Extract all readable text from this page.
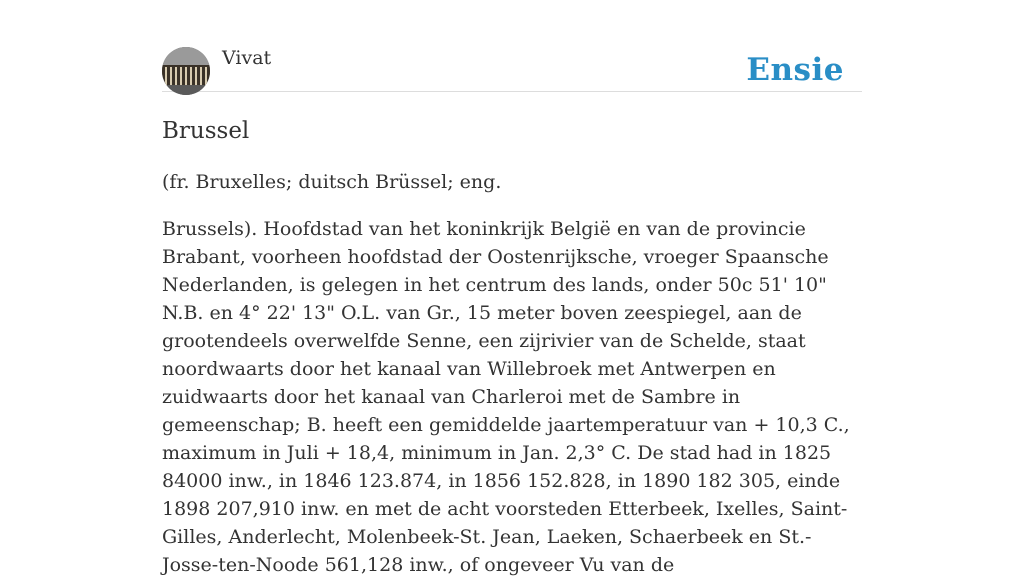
Vivat	Ensie
Brussel

(fr. Bruxelles; duitsch Brüssel; eng.

Brussels). Hoofdstad van het koninkrijk België en van de provincie Brabant, voorheen hoofdstad der Oostenrijksche, vroeger Spaansche Nederlanden, is gelegen in het centrum des lands, onder 50c 51' 10" N.B. en 4° 22' 13" O.L. van Gr., 15 meter boven zeespiegel, aan de grootendeels overwelfde Senne, een zijrivier van de Schelde, staat noordwaarts door het kanaal van Willebroek met Antwerpen en zuidwaarts door het kanaal van Charleroi met de Sambre in gemeenschap; B. heeft een gemiddelde jaartemperatuur van + 10,3 C., maximum in Juli + 18,4, minimum in Jan. 2,3° C. De stad had in 1825 84000 inw., in 1846 123.874, in 1856 152.828, in 1890 182 305, einde 1898 207,910 inw. en met de acht voorsteden Etterbeek, Ixelles, Saint-Gilles, Anderlecht, Molenbeek-St. Jean, Laeken, Schaerbeek en St.-Josse-ten-Noode 561,128 inw., of ongeveer Vu van de
